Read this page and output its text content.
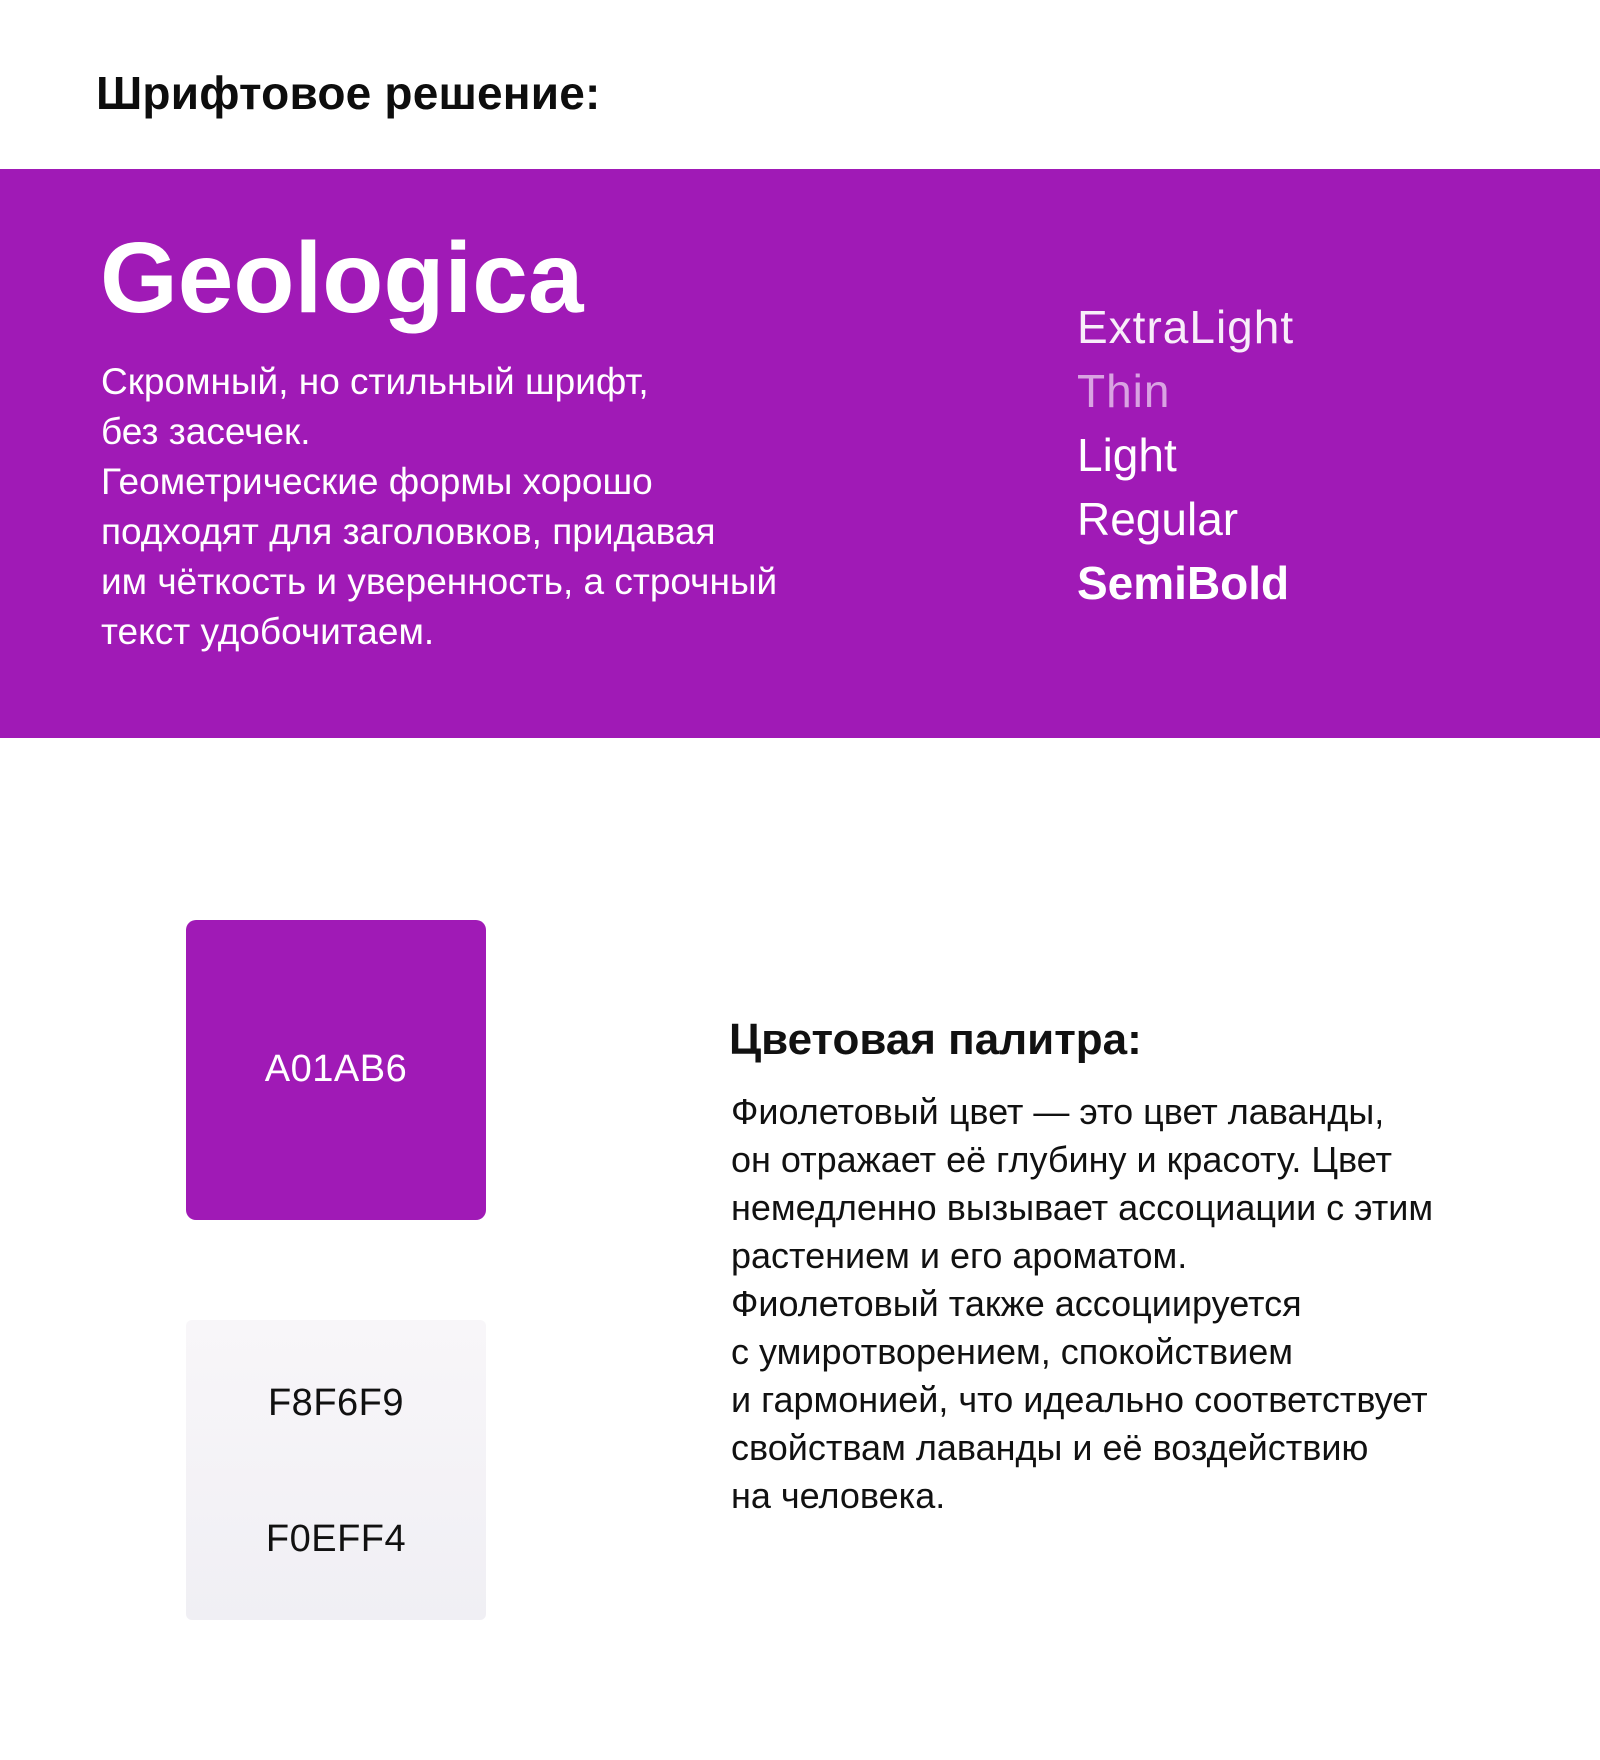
Шрифтовое решение:
Geologica

Скромный, но стильный шрифт,
без засечек.
Геометрические формы хорошо
подходят для заголовков, придавая
им чёткость и уверенность, а строчный
текст удобочитаем.

ExtraLight
Thin
Light
Regular
SemiBold
A01AB6
F8F6F9
F0EFF4
Цветовая палитра:

Фиолетовый цвет — это цвет лаванды,
он отражает её глубину и красоту. Цвет
немедленно вызывает ассоциации с этим
растением и его ароматом.
Фиолетовый также ассоциируется
с умиротворением, спокойствием
и гармонией, что идеально соответствует
свойствам лаванды и её воздействию
на человека.
